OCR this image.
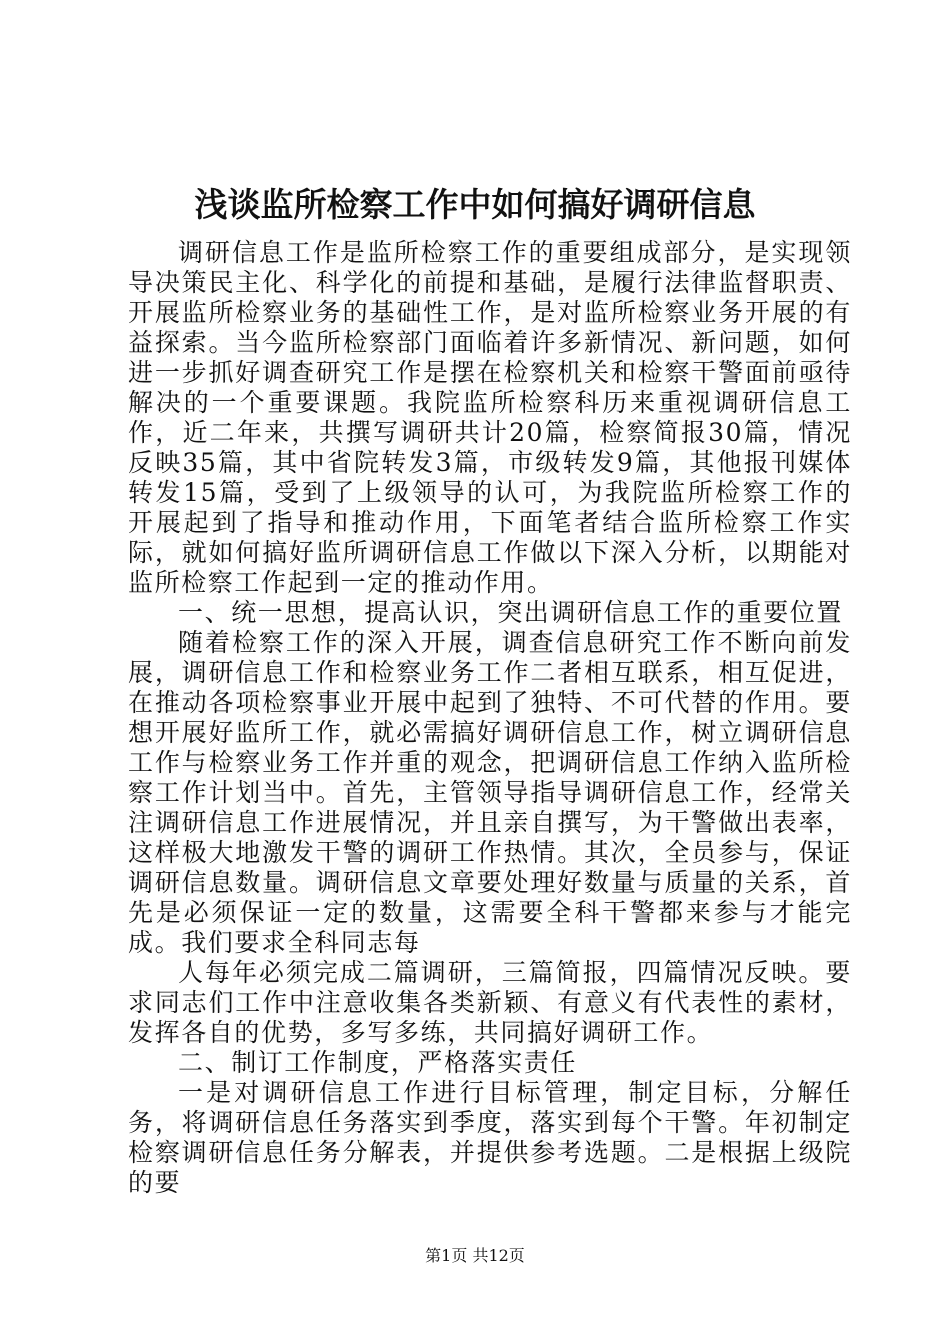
浅谈监所检察工作中如何搞好调研信息

调研信息工作是监所检察工作的重要组成部分，是实现领导决策民主化、科学化的前提和基础，是履行法律监督职责、开展监所检察业务的基础性工作，是对监所检察业务开展的有益探索。当今监所检察部门面临着许多新情况、新问题，如何进一步抓好调查研究工作是摆在检察机关和检察干警面前亟待解决的一个重要课题。我院监所检察科历来重视调研信息工作，近二年来，共撰写调研共计20篇，检察简报30篇，情况反映35篇，其中省院转发3篇，市级转发9篇，其他报刊媒体转发15篇，受到了上级领导的认可，为我院监所检察工作的开展起到了指导和推动作用，下面笔者结合监所检察工作实际，就如何搞好监所调研信息工作做以下深入分析，以期能对监所检察工作起到一定的推动作用。

一、统一思想，提高认识，突出调研信息工作的重要位置

随着检察工作的深入开展，调查信息研究工作不断向前发展，调研信息工作和检察业务工作二者相互联系，相互促进，在推动各项检察事业开展中起到了独特、不可代替的作用。要想开展好监所工作，就必需搞好调研信息工作，树立调研信息工作与检察业务工作并重的观念，把调研信息工作纳入监所检察工作计划当中。首先，主管领导指导调研信息工作，经常关注调研信息工作进展情况，并且亲自撰写，为干警做出表率，这样极大地激发干警的调研工作热情。其次，全员参与，保证调研信息数量。调研信息文章要处理好数量与质量的关系，首先是必须保证一定的数量，这需要全科干警都来参与才能完成。我们要求全科同志每

人每年必须完成二篇调研，三篇简报，四篇情况反映。要求同志们工作中注意收集各类新颖、有意义有代表性的素材，发挥各自的优势，多写多练，共同搞好调研工作。

二、制订工作制度，严格落实责任

一是对调研信息工作进行目标管理，制定目标，分解任务，将调研信息任务落实到季度，落实到每个干警。年初制定检察调研信息任务分解表，并提供参考选题。二是根据上级院的要

第1页 共12页
